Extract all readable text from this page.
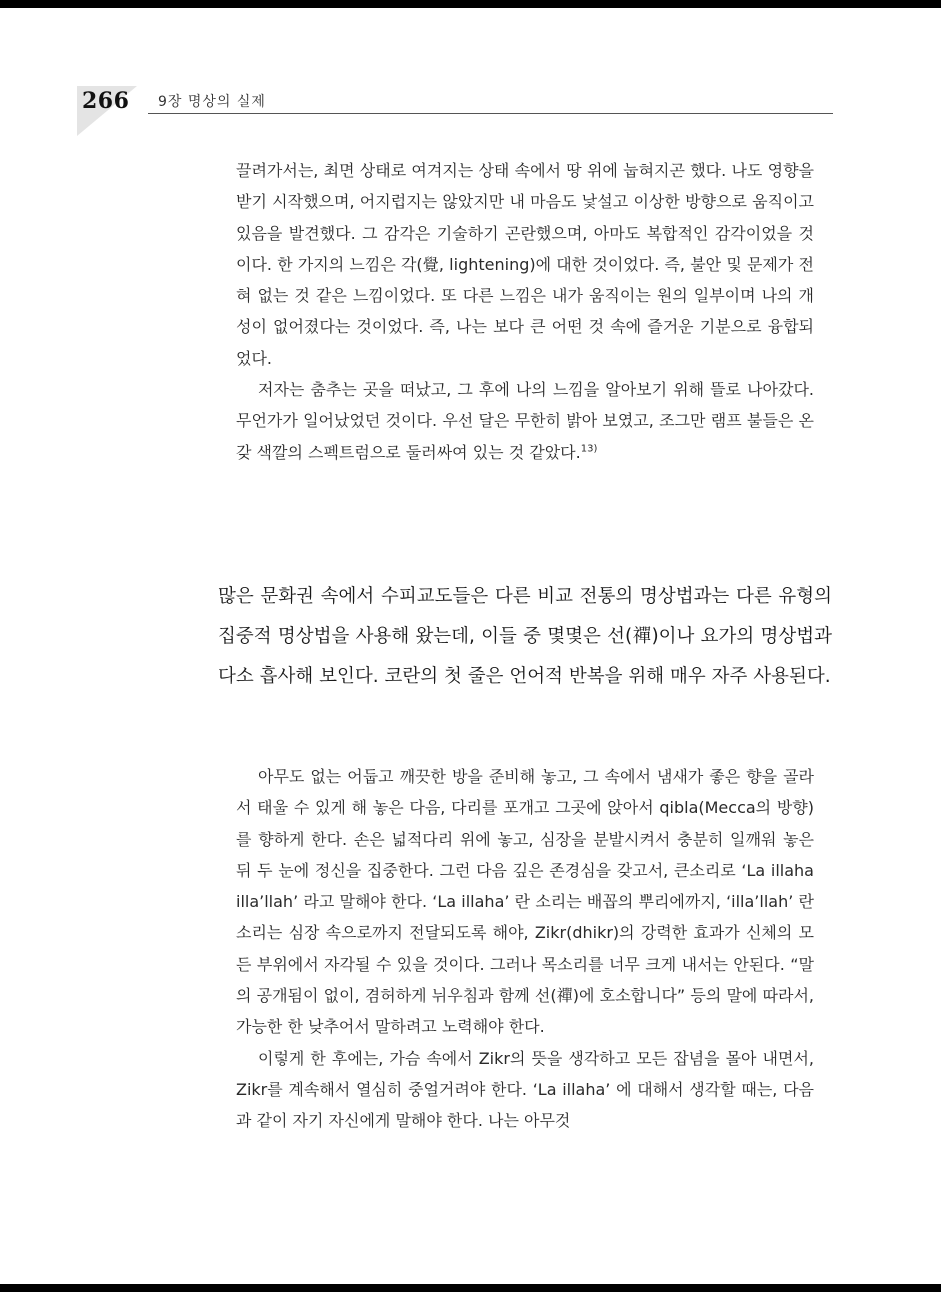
266 9장 명상의 실제

끌려가서는, 최면 상태로 여겨지는 상태 속에서 땅 위에 눕혀지곤 했다. 나도 영향을 받기 시작했으며, 어지럽지는 않았지만 내 마음도 낯설고 이상한 방향으로 움직이고 있음을 발견했다. 그 감각은 기술하기 곤란했으며, 아마도 복합적인 감각이었을 것이다. 한 가지의 느낌은 각(覺, lightening)에 대한 것이었다. 즉, 불안 및 문제가 전혀 없는 것 같은 느낌이었다. 또 다른 느낌은 내가 움직이는 원의 일부이며 나의 개성이 없어졌다는 것이었다. 즉, 나는 보다 큰 어떤 것 속에 즐거운 기분으로 융합되었다.

저자는 춤추는 곳을 떠났고, 그 후에 나의 느낌을 알아보기 위해 뜰로 나아갔다. 무언가가 일어났었던 것이다. 우선 달은 무한히 밝아 보였고, 조그만 램프 불들은 온갖 색깔의 스펙트럼으로 둘러싸여 있는 것 같았다.$^{13)}$

많은 문화권 속에서 수피교도들은 다른 비교 전통의 명상법과는 다른 유형의 집중적 명상법을 사용해 왔는데, 이들 중 몇몇은 선(禪)이나 요가의 명상법과 다소 흡사해 보인다. 코란의 첫 줄은 언어적 반복을 위해 매우 자주 사용된다.

아무도 없는 어둡고 깨끗한 방을 준비해 놓고, 그 속에서 냄새가 좋은 향을 골라서 태울 수 있게 해 놓은 다음, 다리를 포개고 그곳에 앉아서 qibla(Mecca의 방향)를 향하게 한다. 손은 넓적다리 위에 놓고, 심장을 분발시켜서 충분히 일깨워 놓은 뒤 두 눈에 정신을 집중한다. 그런 다음 깊은 존경심을 갖고서, 큰소리로 ‘La illaha illa’llah’ 라고 말해야 한다. ‘La illaha’ 란 소리는 배꼽의 뿌리에까지, ‘illa’llah’ 란 소리는 심장 속으로까지 전달되도록 해야, Zikr(dhikr)의 강력한 효과가 신체의 모든 부위에서 자각될 수 있을 것이다. 그러나 목소리를 너무 크게 내서는 안된다. “말의 공개됨이 없이, 겸허하게 뉘우침과 함께 선(禪)에 호소합니다” 등의 말에 따라서, 가능한 한 낮추어서 말하려고 노력해야 한다.

이렇게 한 후에는, 가슴 속에서 Zikr의 뜻을 생각하고 모든 잡념을 몰아 내면서, Zikr를 계속해서 열심히 중얼거려야 한다. ‘La illaha’ 에 대해서 생각할 때는, 다음과 같이 자기 자신에게 말해야 한다. 나는 아무것
